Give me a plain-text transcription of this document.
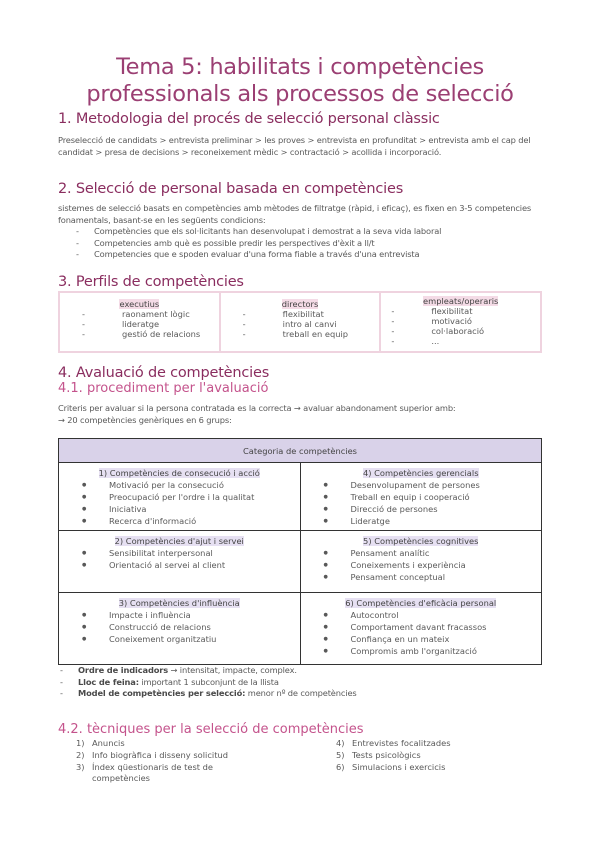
Tema 5: habilitats i competències
professionals als processos de selecció
1. Metodologia del procés de selecció personal clàssic
Preselecció de candidats > entrevista preliminar > les proves > entrevista en profunditat > entrevista amb el cap del candidat > presa de decisions > reconeixement mèdic > contractació > acollida i incorporació.
2. Selecció de personal basada en competències
sistemes de selecció basats en competències amb mètodes de filtratge (ràpid, i eficaç), es fixen en 3-5 competencies fonamentals, basant-se en les següents condicions:
- Competències que els sol·licitants han desenvolupat i demostrat a la seva vida laboral
- Competencies amb què es possible predir les perspectives d'èxit a ll/t
- Competencies que e spoden evaluar d'una forma fiable a través d'una entrevista
3. Perfils de competències
executius
- raonament lògic
- lideratge
- gestió de relacions
directors
- flexibilitat
- intro al canvi
- treball en equip
empleats/operaris
- flexibilitat
- motivació
- col·laboració
- ...
4. Avaluació de competències
4.1. procediment per l'avaluació
Criteris per avaluar si la persona contratada es la correcta → avaluar abandonament superior amb:
→ 20 competències genèriques en 6 grups:
Categoria de competències
1) Competències de consecució i acció
● Motivació per la consecució
● Preocupació per l'ordre i la qualitat
● Iniciativa
● Recerca d'informació
4) Competències gerencials
● Desenvolupament de persones
● Treball en equip i cooperació
● Direcció de persones
● Lideratge
2) Competències d'ajut i servei
● Sensibilitat interpersonal
● Orientació al servei al client
5) Competències cognitives
● Pensament analític
● Coneixements i experiència
● Pensament conceptual
3) Competències d'influència
● Impacte i influència
● Construcció de relacions
● Coneixement organitzatiu
6) Competències d'eficàcia personal
● Autocontrol
● Comportament davant fracassos
● Confiança en un mateix
● Compromis amb l'organització
- Ordre de indicadors → intensitat, impacte, complex.
- Lloc de feina: important 1 subconjunt de la llista
- Model de competències per selecció: menor nº de competències
4.2. tècniques per la selecció de competències
1) Anuncis
2) Info biogràfica i disseny solicitud
3) Índex qüestionaris de test de competències
4) Entrevistes focalitzades
5) Tests psicològics
6) Simulacions i exercicis
